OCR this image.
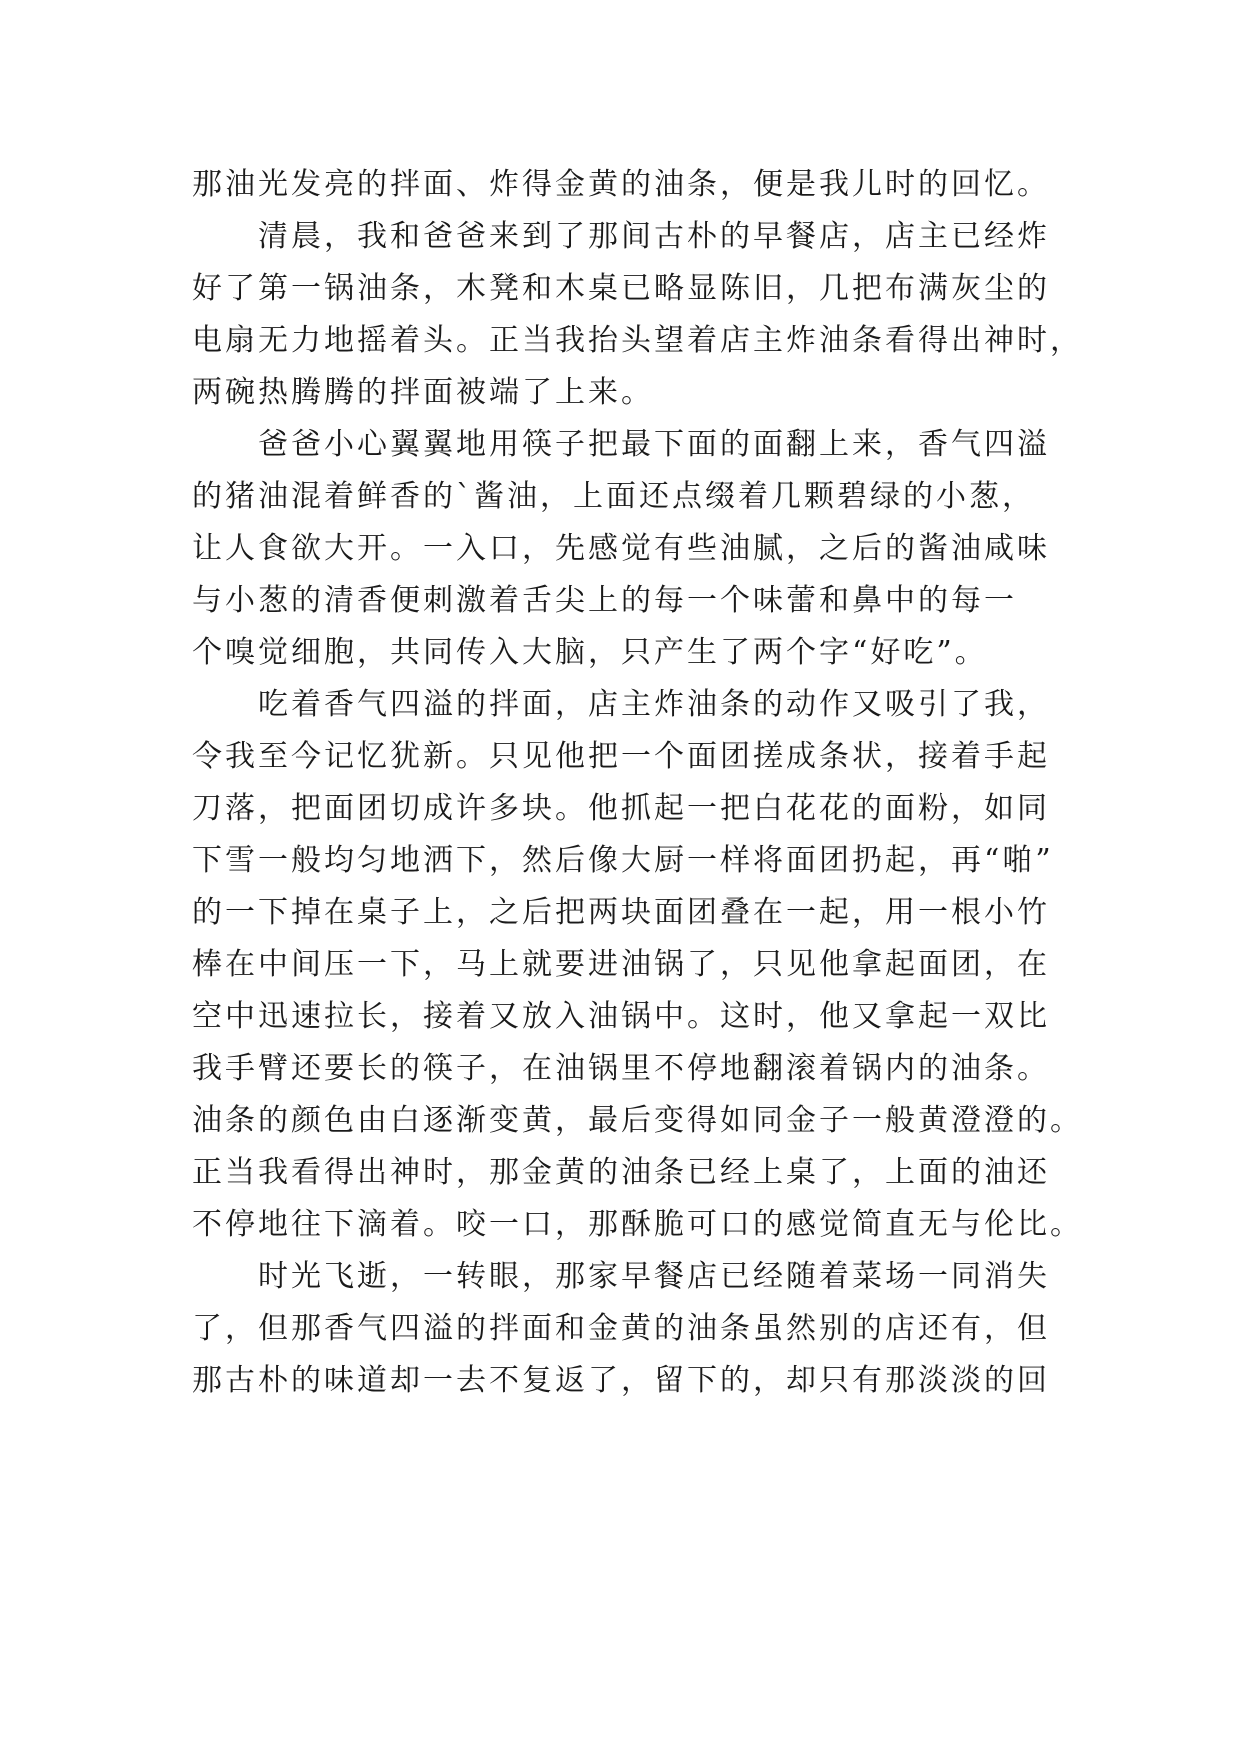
那油光发亮的拌面、炸得金黄的油条，便是我儿时的回忆。
清晨，我和爸爸来到了那间古朴的早餐店，店主已经炸
好了第一锅油条，木凳和木桌已略显陈旧，几把布满灰尘的
电扇无力地摇着头。正当我抬头望着店主炸油条看得出神时，
两碗热腾腾的拌面被端了上来。
爸爸小心翼翼地用筷子把最下面的面翻上来，香气四溢
的猪油混着鲜香的`酱油，上面还点缀着几颗碧绿的小葱，
让人食欲大开。一入口，先感觉有些油腻，之后的酱油咸味
与小葱的清香便刺激着舌尖上的每一个味蕾和鼻中的每一
个嗅觉细胞，共同传入大脑，只产生了两个字“好吃”。
吃着香气四溢的拌面，店主炸油条的动作又吸引了我，
令我至今记忆犹新。只见他把一个面团搓成条状，接着手起
刀落，把面团切成许多块。他抓起一把白花花的面粉，如同
下雪一般均匀地洒下，然后像大厨一样将面团扔起，再“啪”
的一下掉在桌子上，之后把两块面团叠在一起，用一根小竹
棒在中间压一下，马上就要进油锅了，只见他拿起面团，在
空中迅速拉长，接着又放入油锅中。这时，他又拿起一双比
我手臂还要长的筷子，在油锅里不停地翻滚着锅内的油条。
油条的颜色由白逐渐变黄，最后变得如同金子一般黄澄澄的。
正当我看得出神时，那金黄的油条已经上桌了，上面的油还
不停地往下滴着。咬一口，那酥脆可口的感觉简直无与伦比。
时光飞逝，一转眼，那家早餐店已经随着菜场一同消失
了，但那香气四溢的拌面和金黄的油条虽然别的店还有，但
那古朴的味道却一去不复返了，留下的，却只有那淡淡的回
